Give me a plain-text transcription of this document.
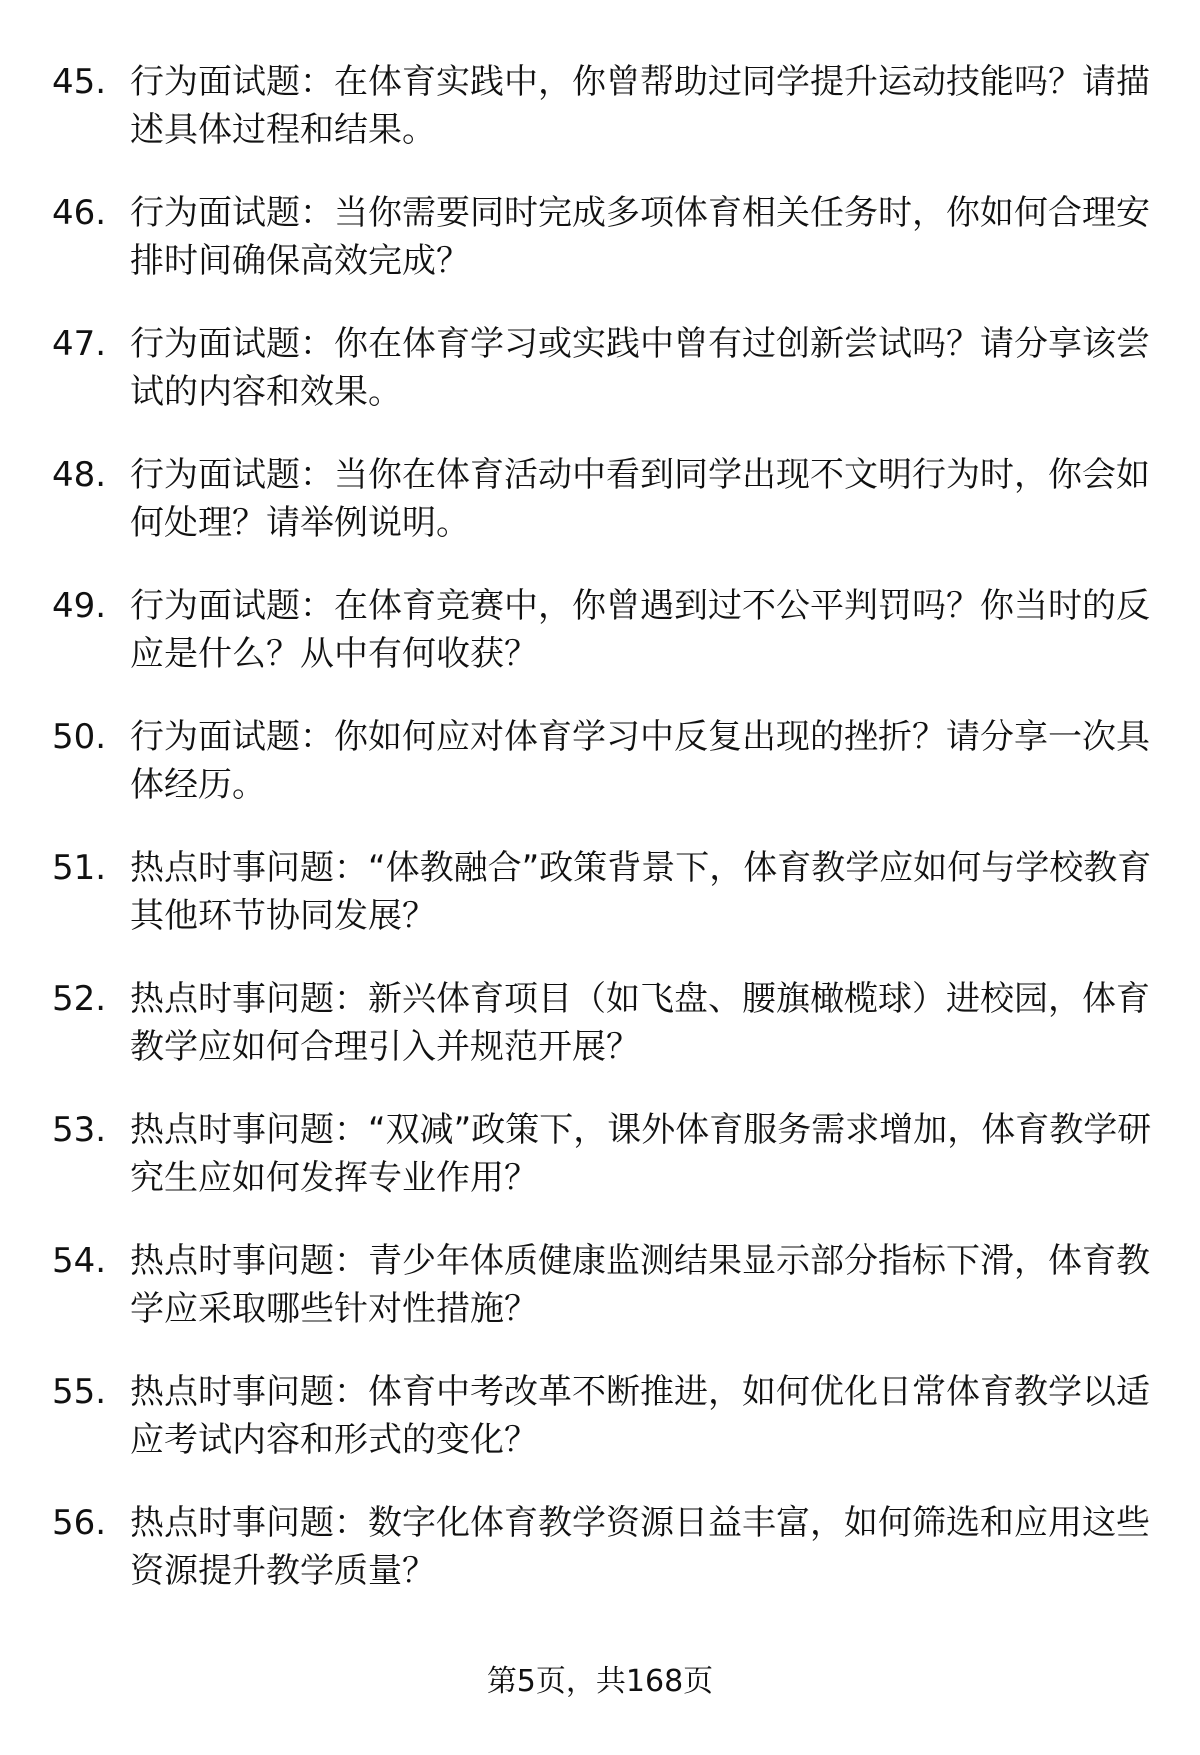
45. 行为面试题：在体育实践中，你曾帮助过同学提升运动技能吗？请描述具体过程和结果。
46. 行为面试题：当你需要同时完成多项体育相关任务时，你如何合理安排时间确保高效完成？
47. 行为面试题：你在体育学习或实践中曾有过创新尝试吗？请分享该尝试的内容和效果。
48. 行为面试题：当你在体育活动中看到同学出现不文明行为时，你会如何处理？请举例说明。
49. 行为面试题：在体育竞赛中，你曾遇到过不公平判罚吗？你当时的反应是什么？从中有何收获？
50. 行为面试题：你如何应对体育学习中反复出现的挫折？请分享一次具体经历。
51. 热点时事问题：“体教融合”政策背景下，体育教学应如何与学校教育其他环节协同发展？
52. 热点时事问题：新兴体育项目（如飞盘、腰旗橄榄球）进校园，体育教学应如何合理引入并规范开展？
53. 热点时事问题：“双减”政策下，课外体育服务需求增加，体育教学研究生应如何发挥专业作用？
54. 热点时事问题：青少年体质健康监测结果显示部分指标下滑，体育教学应采取哪些针对性措施？
55. 热点时事问题：体育中考改革不断推进，如何优化日常体育教学以适应考试内容和形式的变化？
56. 热点时事问题：数字化体育教学资源日益丰富，如何筛选和应用这些资源提升教学质量？
第5页，共168页
